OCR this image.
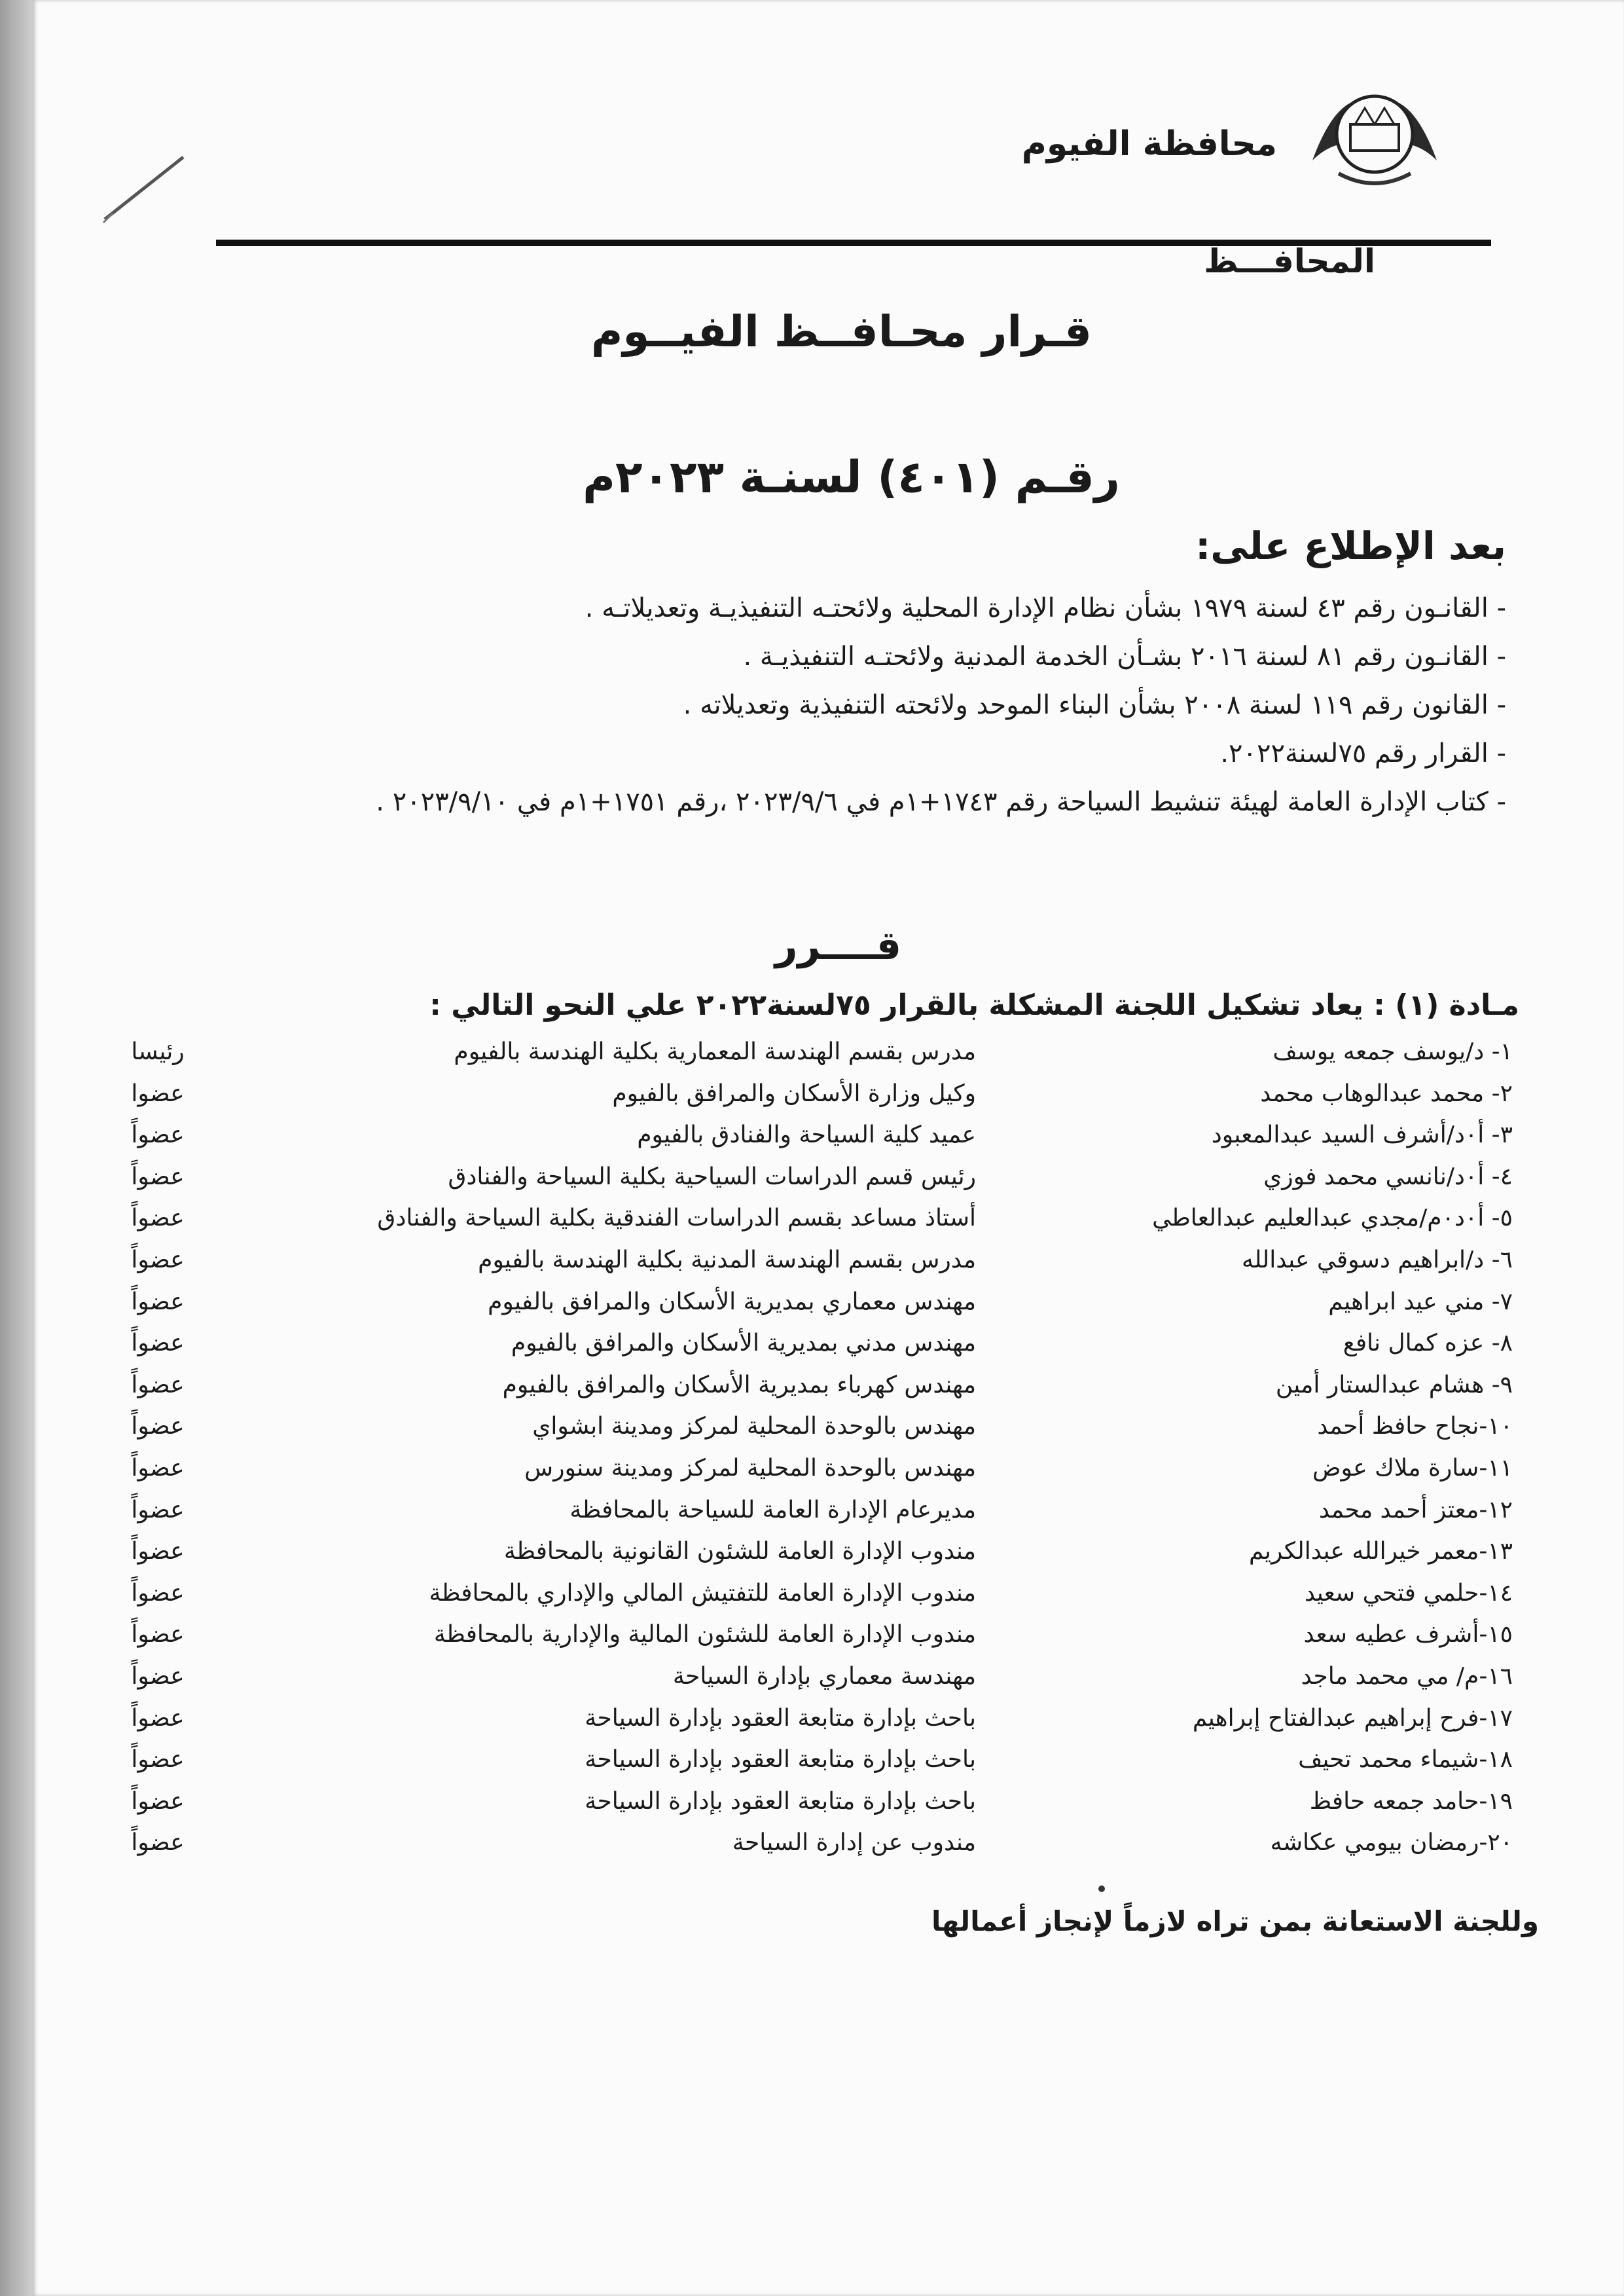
محافظة الفيوم
المحافـــظ
قـرار محـافــظ الفيــوم
رقـم (٤٠١) لسنـة ٢٠٢٣م
بعد الإطلاع على:
- القانـون رقم ٤٣ لسنة ١٩٧٩ بشأن نظام الإدارة المحلية ولائحتـه التنفيذيـة وتعديلاتـه .
- القانـون رقم ٨١ لسنة ٢٠١٦ بشـأن الخدمة المدنية ولائحتـه التنفيذيـة .
- القانون رقم ١١٩ لسنة ٢٠٠٨ بشأن البناء الموحد ولائحته التنفيذية وتعديلاته .
- القرار رقم ٧٥لسنة٢٠٢٢.
- كتاب الإدارة العامة لهيئة تنشيط السياحة رقم ١٧٤٣+١م في ٢٠٢٣/٩/٦ ،رقم ١٧٥١+١م في ٢٠٢٣/٩/١٠ .
قــــرر
مـادة (١) : يعاد تشكيل اللجنة المشكلة بالقرار ٧٥لسنة٢٠٢٢ علي النحو التالي :
١- د/يوسف جمعه يوسف
مدرس بقسم الهندسة المعمارية بكلية الهندسة بالفيوم
رئيسا
٢- محمد عبدالوهاب محمد
وكيل وزارة الأسكان والمرافق بالفيوم
عضوا
٣- أ٠د/أشرف السيد عبدالمعبود
عميد كلية السياحة والفنادق بالفيوم
عضواً
٤- أ٠د/نانسي محمد فوزي
رئيس قسم الدراسات السياحية بكلية السياحة والفنادق
عضواً
٥- أ٠د٠م/مجدي عبدالعليم عبدالعاطي
أستاذ مساعد بقسم الدراسات الفندقية بكلية السياحة والفنادق
عضواً
٦- د/ابراهيم دسوقي عبدالله
مدرس بقسم الهندسة المدنية بكلية الهندسة بالفيوم
عضواً
٧- مني عيد ابراهيم
مهندس معماري بمديرية الأسكان والمرافق بالفيوم
عضواً
٨- عزه كمال نافع
مهندس مدني بمديرية الأسكان والمرافق بالفيوم
عضواً
٩- هشام عبدالستار أمين
مهندس كهرباء بمديرية الأسكان والمرافق بالفيوم
عضواً
١٠-نجاح حافظ أحمد
مهندس بالوحدة المحلية لمركز ومدينة ابشواي
عضواً
١١-سارة ملاك عوض
مهندس بالوحدة المحلية لمركز ومدينة سنورس
عضواً
١٢-معتز أحمد محمد
مديرعام الإدارة العامة للسياحة بالمحافظة
عضواً
١٣-معمر خيرالله عبدالكريم
مندوب الإدارة العامة للشئون القانونية بالمحافظة
عضواً
١٤-حلمي فتحي سعيد
مندوب الإدارة العامة للتفتيش المالي والإداري بالمحافظة
عضواً
١٥-أشرف عطيه سعد
مندوب الإدارة العامة للشئون المالية والإدارية بالمحافظة
عضواً
١٦-م/ مي محمد ماجد
مهندسة معماري بإدارة السياحة
عضواً
١٧-فرح إبراهيم عبدالفتاح إبراهيم
باحث بإدارة متابعة العقود بإدارة السياحة
عضواً
١٨-شيماء محمد تحيف
باحث بإدارة متابعة العقود بإدارة السياحة
عضواً
١٩-حامد جمعه حافظ
باحث بإدارة متابعة العقود بإدارة السياحة
عضواً
٢٠-رمضان بيومي عكاشه
مندوب عن إدارة السياحة
عضواً
وللجنة الاستعانة بمن تراه لازماً لإنجاز أعمالها
